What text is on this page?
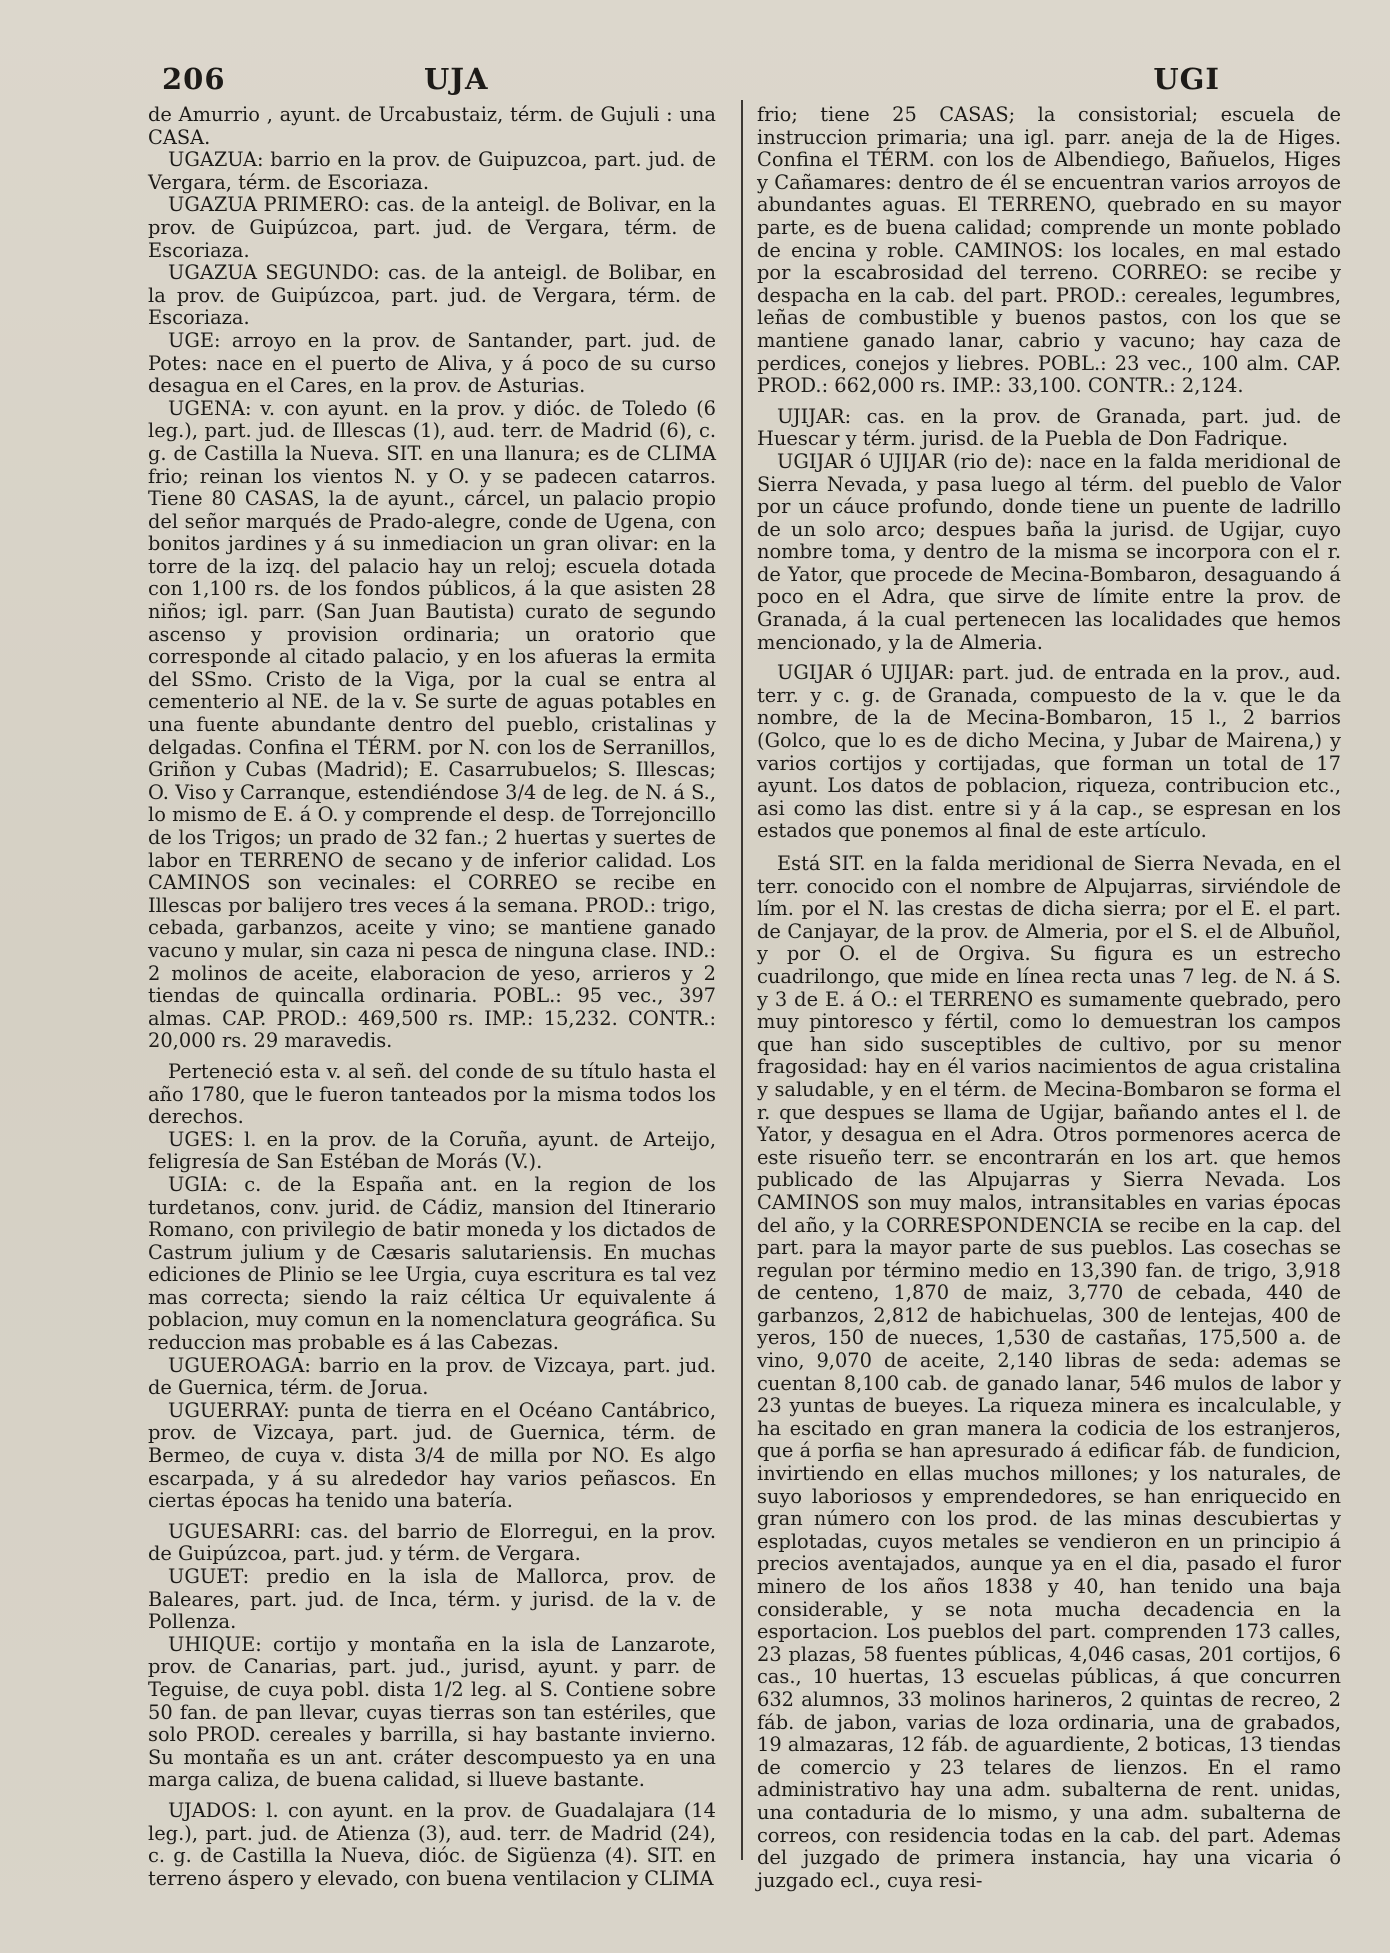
206	UJA	UGI

de Amurrio , ayunt. de Urcabustaiz, térm. de Gujuli : una CASA.

UGAZUA: barrio en la prov. de Guipuzcoa, part. jud. de Vergara, térm. de Escoriaza.

UGAZUA PRIMERO: cas. de la anteigl. de Bolivar, en la prov. de Guipúzcoa, part. jud. de Vergara, térm. de Escoriaza.

UGAZUA SEGUNDO: cas. de la anteigl. de Bolibar, en la prov. de Guipúzcoa, part. jud. de Vergara, térm. de Escoriaza.

UGE: arroyo en la prov. de Santander, part. jud. de Potes: nace en el puerto de Aliva, y á poco de su curso desagua en el Cares, en la prov. de Asturias.

UGENA: v. con ayunt. en la prov. y dióc. de Toledo (6 leg.), part. jud. de Illescas (1), aud. terr. de Madrid (6), c. g. de Castilla la Nueva. SIT. en una llanura; es de CLIMA frio; reinan los vientos N. y O. y se padecen catarros. Tiene 80 CASAS, la de ayunt., cárcel, un palacio propio del señor marqués de Prado-alegre, conde de Ugena, con bonitos jardines y á su inmediacion un gran olivar: en la torre de la izq. del palacio hay un reloj; escuela dotada con 1,100 rs. de los fondos públicos, á la que asisten 28 niños; igl. parr. (San Juan Bautista) curato de segundo ascenso y provision ordinaria; un oratorio que corresponde al citado palacio, y en los afueras la ermita del SSmo. Cristo de la Viga, por la cual se entra al cementerio al NE. de la v. Se surte de aguas potables en una fuente abundante dentro del pueblo, cristalinas y delgadas. Confina el TÉRM. por N. con los de Serranillos, Griñon y Cubas (Madrid); E. Casarrubuelos; S. Illescas; O. Viso y Carranque, estendiéndose 3/4 de leg. de N. á S., lo mismo de E. á O. y comprende el desp. de Torrejoncillo de los Trigos; un prado de 32 fan.; 2 huertas y suertes de labor en TERRENO de secano y de inferior calidad. Los CAMINOS son vecinales: el CORREO se recibe en Illescas por balijero tres veces á la semana. PROD.: trigo, cebada, garbanzos, aceite y vino; se mantiene ganado vacuno y mular, sin caza ni pesca de ninguna clase. IND.: 2 molinos de aceite, elaboracion de yeso, arrieros y 2 tiendas de quincalla ordinaria. POBL.: 95 vec., 397 almas. CAP. PROD.: 469,500 rs. IMP.: 15,232. CONTR.: 20,000 rs. 29 maravedis.

Perteneció esta v. al señ. del conde de su título hasta el año 1780, que le fueron tanteados por la misma todos los derechos.

UGES: l. en la prov. de la Coruña, ayunt. de Arteijo, feligresía de San Estéban de Morás (V.).

UGIA: c. de la España ant. en la region de los turdetanos, conv. jurid. de Cádiz, mansion del Itinerario Romano, con privilegio de batir moneda y los dictados de Castrum julium y de Cæsaris salutariensis. En muchas ediciones de Plinio se lee Urgia, cuya escritura es tal vez mas correcta; siendo la raiz céltica Ur equivalente á poblacion, muy comun en la nomenclatura geográfica. Su reduccion mas probable es á las Cabezas.

UGUEROAGA: barrio en la prov. de Vizcaya, part. jud. de Guernica, térm. de Jorua.

UGUERRAY: punta de tierra en el Océano Cantábrico, prov. de Vizcaya, part. jud. de Guernica, térm. de Bermeo, de cuya v. dista 3/4 de milla por NO. Es algo escarpada, y á su alrededor hay varios peñascos. En ciertas épocas ha tenido una batería.

UGUESARRI: cas. del barrio de Elorregui, en la prov. de Guipúzcoa, part. jud. y térm. de Vergara.

UGUET: predio en la isla de Mallorca, prov. de Baleares, part. jud. de Inca, térm. y jurisd. de la v. de Pollenza.

UHIQUE: cortijo y montaña en la isla de Lanzarote, prov. de Canarias, part. jud., jurisd, ayunt. y parr. de Teguise, de cuya pobl. dista 1/2 leg. al S. Contiene sobre 50 fan. de pan llevar, cuyas tierras son tan estériles, que solo PROD. cereales y barrilla, si hay bastante invierno. Su montaña es un ant. cráter descompuesto ya en una marga caliza, de buena calidad, si llueve bastante.

UJADOS: l. con ayunt. en la prov. de Guadalajara (14 leg.), part. jud. de Atienza (3), aud. terr. de Madrid (24), c. g. de Castilla la Nueva, dióc. de Sigüenza (4). SIT. en terreno áspero y elevado, con buena ventilacion y CLIMA

frio; tiene 25 CASAS; la consistorial; escuela de instruccion primaria; una igl. parr. aneja de la de Higes. Confina el TÉRM. con los de Albendiego, Bañuelos, Higes y Cañamares: dentro de él se encuentran varios arroyos de abundantes aguas. El TERRENO, quebrado en su mayor parte, es de buena calidad; comprende un monte poblado de encina y roble. CAMINOS: los locales, en mal estado por la escabrosidad del terreno. CORREO: se recibe y despacha en la cab. del part. PROD.: cereales, legumbres, leñas de combustible y buenos pastos, con los que se mantiene ganado lanar, cabrio y vacuno; hay caza de perdices, conejos y liebres. POBL.: 23 vec., 100 alm. CAP. PROD.: 662,000 rs. IMP.: 33,100. CONTR.: 2,124.

UJIJAR: cas. en la prov. de Granada, part. jud. de Huescar y térm. jurisd. de la Puebla de Don Fadrique.

UGIJAR ó UJIJAR (rio de): nace en la falda meridional de Sierra Nevada, y pasa luego al térm. del pueblo de Valor por un cáuce profundo, donde tiene un puente de ladrillo de un solo arco; despues baña la jurisd. de Ugijar, cuyo nombre toma, y dentro de la misma se incorpora con el r. de Yator, que procede de Mecina-Bombaron, desaguando á poco en el Adra, que sirve de límite entre la prov. de Granada, á la cual pertenecen las localidades que hemos mencionado, y la de Almeria.

UGIJAR ó UJIJAR: part. jud. de entrada en la prov., aud. terr. y c. g. de Granada, compuesto de la v. que le da nombre, de la de Mecina-Bombaron, 15 l., 2 barrios (Golco, que lo es de dicho Mecina, y Jubar de Mairena,) y varios cortijos y cortijadas, que forman un total de 17 ayunt. Los datos de poblacion, riqueza, contribucion etc., asi como las dist. entre si y á la cap., se espresan en los estados que ponemos al final de este artículo.

Está SIT. en la falda meridional de Sierra Nevada, en el terr. conocido con el nombre de Alpujarras, sirviéndole de lím. por el N. las crestas de dicha sierra; por el E. el part. de Canjayar, de la prov. de Almeria, por el S. el de Albuñol, y por O. el de Orgiva. Su figura es un estrecho cuadrilongo, que mide en línea recta unas 7 leg. de N. á S. y 3 de E. á O.: el TERRENO es sumamente quebrado, pero muy pintoresco y fértil, como lo demuestran los campos que han sido susceptibles de cultivo, por su menor fragosidad: hay en él varios nacimientos de agua cristalina y saludable, y en el térm. de Mecina-Bombaron se forma el r. que despues se llama de Ugijar, bañando antes el l. de Yator, y desagua en el Adra. Otros pormenores acerca de este risueño terr. se encontrarán en los art. que hemos publicado de las Alpujarras y Sierra Nevada. Los CAMINOS son muy malos, intransitables en varias épocas del año, y la CORRESPONDENCIA se recibe en la cap. del part. para la mayor parte de sus pueblos. Las cosechas se regulan por término medio en 13,390 fan. de trigo, 3,918 de centeno, 1,870 de maiz, 3,770 de cebada, 440 de garbanzos, 2,812 de habichuelas, 300 de lentejas, 400 de yeros, 150 de nueces, 1,530 de castañas, 175,500 a. de vino, 9,070 de aceite, 2,140 libras de seda: ademas se cuentan 8,100 cab. de ganado lanar, 546 mulos de labor y 23 yuntas de bueyes. La riqueza minera es incalculable, y ha escitado en gran manera la codicia de los estranjeros, que á porfia se han apresurado á edificar fáb. de fundicion, invirtiendo en ellas muchos millones; y los naturales, de suyo laboriosos y emprendedores, se han enriquecido en gran número con los prod. de las minas descubiertas y esplotadas, cuyos metales se vendieron en un principio á precios aventajados, aunque ya en el dia, pasado el furor minero de los años 1838 y 40, han tenido una baja considerable, y se nota mucha decadencia en la esportacion. Los pueblos del part. comprenden 173 calles, 23 plazas, 58 fuentes públicas, 4,046 casas, 201 cortijos, 6 cas., 10 huertas, 13 escuelas públicas, á que concurren 632 alumnos, 33 molinos harineros, 2 quintas de recreo, 2 fáb. de jabon, varias de loza ordinaria, una de grabados, 19 almazaras, 12 fáb. de aguardiente, 2 boticas, 13 tiendas de comercio y 23 telares de lienzos. En el ramo administrativo hay una adm. subalterna de rent. unidas, una contaduria de lo mismo, y una adm. subalterna de correos, con residencia todas en la cab. del part. Ademas del juzgado de primera instancia, hay una vicaria ó juzgado ecl., cuya resi-
